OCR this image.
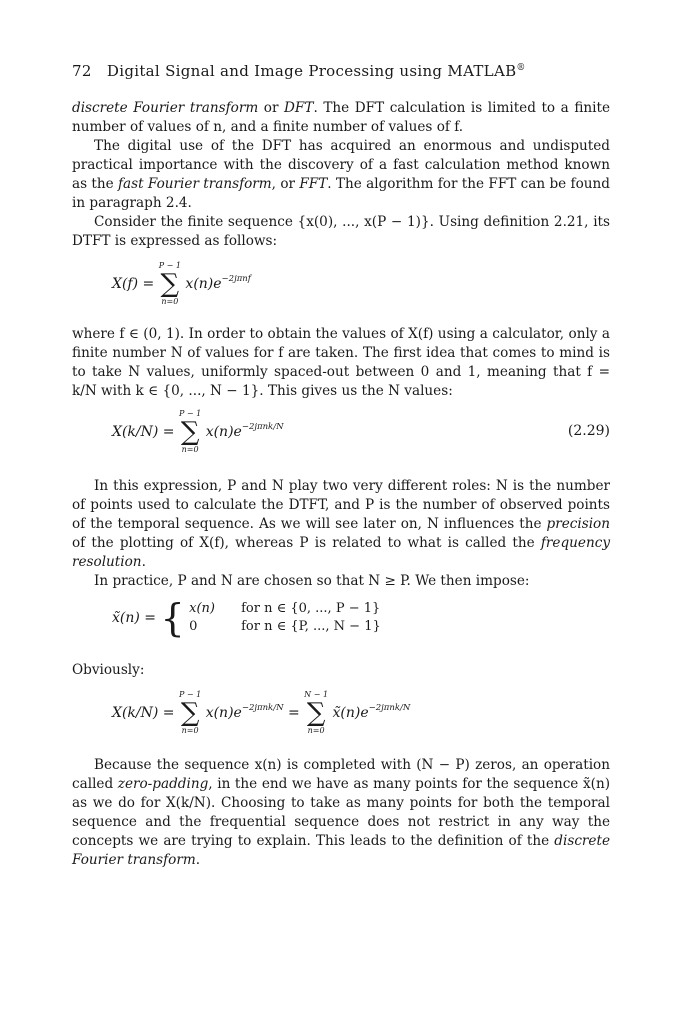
72 Digital Signal and Image Processing using MATLAB®

discrete Fourier transform or DFT. The DFT calculation is limited to a finite number of values of n, and a finite number of values of f.

The digital use of the DFT has acquired an enormous and undisputed practical importance with the discovery of a fast calculation method known as the fast Fourier transform, or FFT. The algorithm for the FFT can be found in paragraph 2.4.

Consider the finite sequence {x(0), ..., x(P − 1)}. Using definition 2.21, its DTFT is expressed as follows:

X(f) =
P − 1
∑
n=0
$x(n)e^{-2j\pi nf}$

where f ∈ (0, 1). In order to obtain the values of X(f) using a calculator, only a finite number N of values for f are taken. The first idea that comes to mind is to take N values, uniformly spaced-out between 0 and 1, meaning that f = k/N with k ∈ {0, ..., N − 1}. This gives us the N values:

X(k/N) =
P − 1
∑
n=0
$x(n)e^{-2j\pi nk/N}$	(2.29)

In this expression, P and N play two very different roles: N is the number of points used to calculate the DTFT, and P is the number of observed points of the temporal sequence. As we will see later on, N influences the precision of the plotting of X(f), whereas P is related to what is called the frequency resolution.

In practice, P and N are chosen so that N ≥ P. We then impose:

x̃(n) = { x(n) for n ∈ {0, ..., P − 1}
0	for n ∈ {P, ..., N − 1}

Obviously:

X(k/N) =
P − 1
∑
n=0
$x(n)e^{-2j\pi nk/N}$ =
N − 1
∑
n=0
$x̃(n)e^{-2j\pi nk/N}$

Because the sequence x(n) is completed with (N − P) zeros, an operation called zero-padding, in the end we have as many points for the sequence x̃(n) as we do for X(k/N). Choosing to take as many points for both the temporal sequence and the frequential sequence does not restrict in any way the concepts we are trying to explain. This leads to the definition of the discrete Fourier transform.
